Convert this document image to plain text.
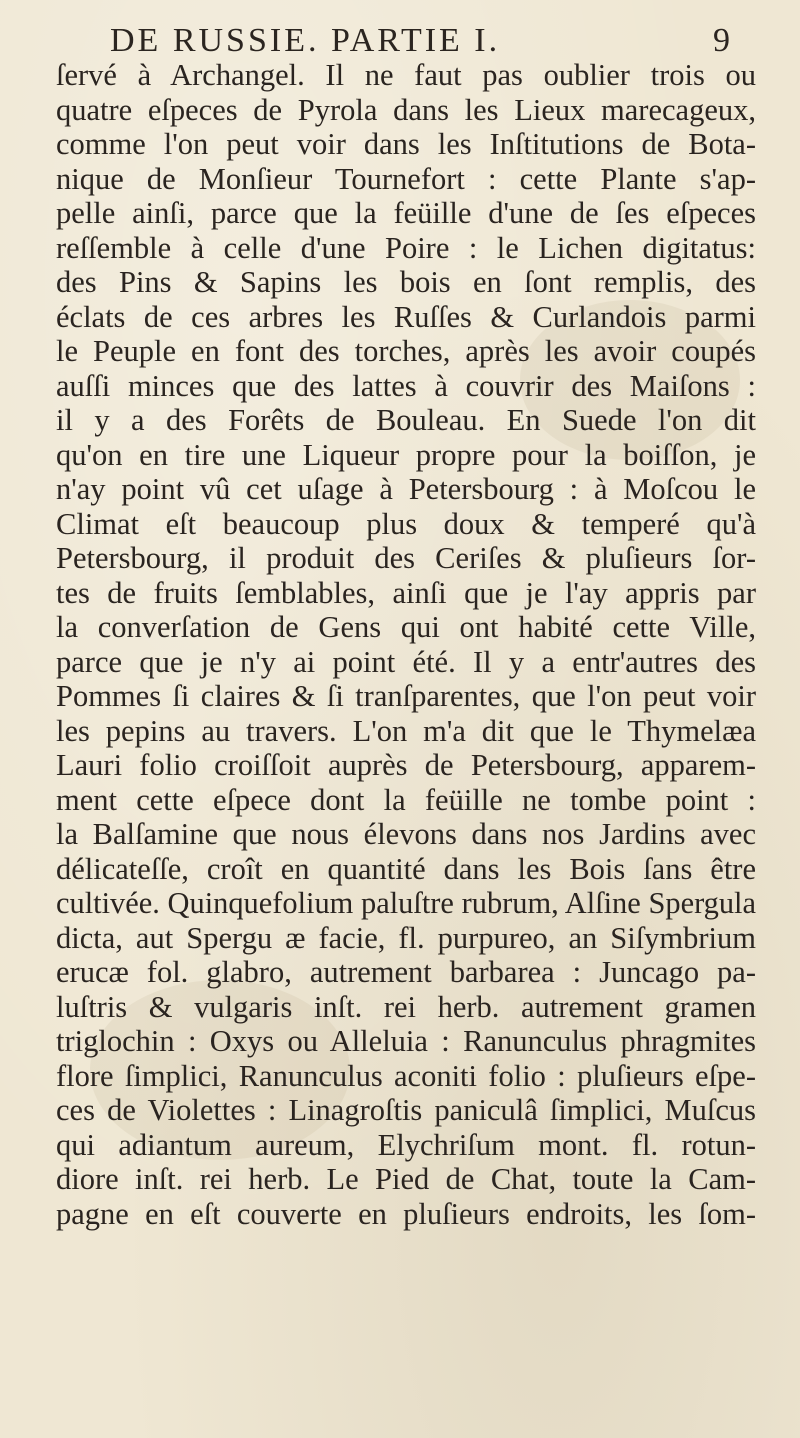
DE RUSSIE. PARTIE I.	9
ſervé à Archangel. Il ne faut pas oublier trois ou
quatre eſpeces de Pyrola dans les Lieux marecageux,
comme l'on peut voir dans les Inſtitutions de Bota-
nique de Monſieur Tournefort : cette Plante s'ap-
pelle ainſi, parce que la feüille d'une de ſes eſpeces
reſſemble à celle d'une Poire : le Lichen digitatus:
des Pins & Sapins les bois en ſont remplis, des
éclats de ces arbres les Ruſſes & Curlandois parmi
le Peuple en font des torches, après les avoir coupés
auſſi minces que des lattes à couvrir des Maiſons :
il y a des Forêts de Bouleau. En Suede l'on dit
qu'on en tire une Liqueur propre pour la boiſſon, je
n'ay point vû cet uſage à Petersbourg : à Moſcou le
Climat eſt beaucoup plus doux & temperé qu'à
Petersbourg, il produit des Ceriſes & pluſieurs ſor-
tes de fruits ſemblables, ainſi que je l'ay appris par
la converſation de Gens qui ont habité cette Ville,
parce que je n'y ai point été. Il y a entr'autres des
Pommes ſi claires & ſi tranſparentes, que l'on peut voir
les pepins au travers. L'on m'a dit que le Thymelæa
Lauri folio croiſſoit auprès de Petersbourg, apparem-
ment cette eſpece dont la feüille ne tombe point :
la Balſamine que nous élevons dans nos Jardins avec
délicateſſe, croît en quantité dans les Bois ſans être
cultivée. Quinquefolium paluſtre rubrum, Alſine Spergula
dicta, aut Spergu æ facie, fl. purpureo, an Siſymbrium
erucæ fol. glabro, autrement barbarea : Juncago pa-
luſtris & vulgaris inſt. rei herb. autrement gramen
triglochin : Oxys ou Alleluia : Ranunculus phragmites
flore ſimplici, Ranunculus aconiti folio : pluſieurs eſpe-
ces de Violettes : Linagroſtis paniculâ ſimplici, Muſcus
qui adiantum aureum, Elychriſum mont. fl. rotun-
diore inſt. rei herb. Le Pied de Chat, toute la Cam-
pagne en eſt couverte en pluſieurs endroits, les ſom-
